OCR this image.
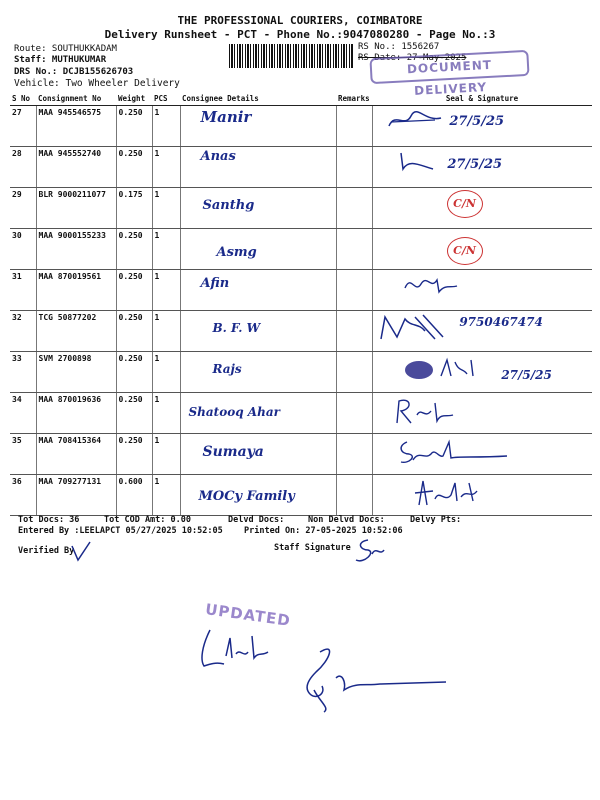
THE PROFESSIONAL COURIERS, COIMBATORE
Delivery Runsheet - PCT - Phone No.:9047080280 - Page No.:3
Route: SOUTHUKKADAM
Staff: MUTHUKUMAR
DRS No.: DCJB155626703
Vehicle: Two Wheeler Delivery
RS No.: 1556267
RS Date: 27-May-2025
DOCUMENT DELIVERY
S No	Consignment No	Weight	PCS	Consignee Details	Remarks	Seal & Signature
27	MAA 945546575	0.250	1	Manir		27/5/25
28	MAA 945552740	0.250	1	Anas		27/5/25
29	BLR 9000211077	0.175	1	Santhg		C/N
30	MAA 9000155233	0.250	1	Asmg		C/N
31	MAA 870019561	0.250	1	Afin		
32	TCG 50877202	0.250	1	B. F. W		9750467474
33	SVM 2700898	0.250	1	Rajs		27/5/25
34	MAA 870019636	0.250	1	Shatooq Ahar		
35	MAA 708415364	0.250	1	Sumaya		
36	MAA 709277131	0.600	1	MOCy Family		
Tot Docs: 36	Tot COD Amt: 0.00	Delvd Docs:	Non Delvd Docs:	Delvy Pts:
Entered By :LEELAPCT 05/27/2025 10:52:05	Printed On: 27-05-2025 10:52:06
Verified By	Staff Signature
UPDATED
